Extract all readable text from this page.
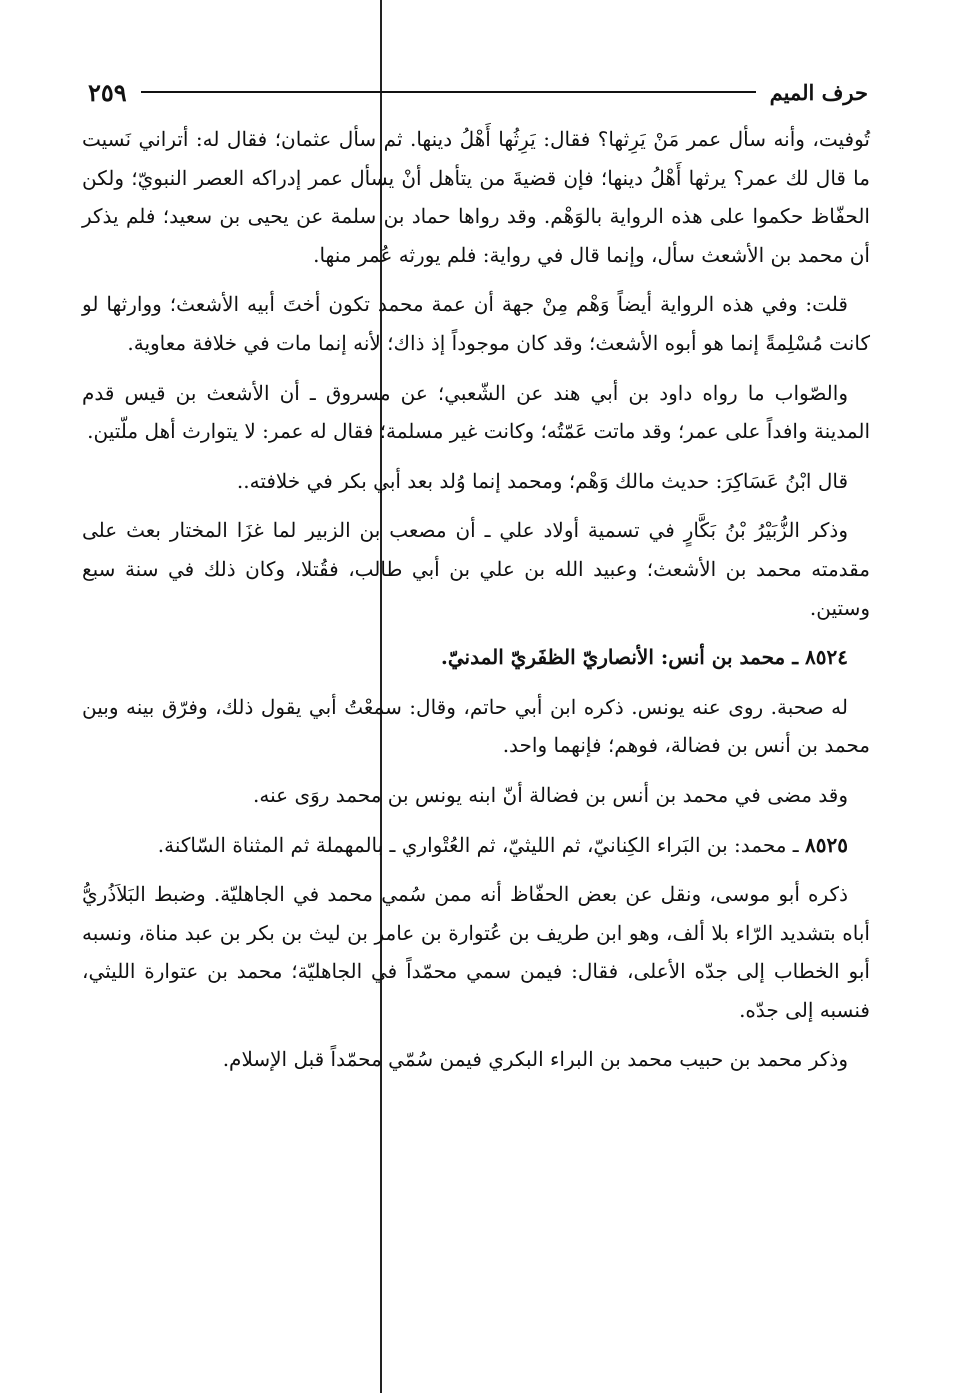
حرف الميم
٢٥٩

تُوفيت، وأنه سأل عمر مَنْ يَرِثها؟ فقال: يَرِثُها أَهْلُ دينها. ثم سأل عثمان؛ فقال له: أتراني نَسيت ما قال لك عمر؟ يرثها أَهْلُ دينها؛ فإن قضيةَ من يتأهل أنْ يسأل عمر إدراكه العصر النبويّ؛ ولكن الحفّاظ حكموا على هذه الرواية بالوَهْم. وقد رواها حماد بن سلمة عن يحيى بن سعيد؛ فلم يذكر أن محمد بن الأشعث سأل، وإنما قال في رواية: فلم يورثه عُمر منها.

قلت: وفي هذه الرواية أيضاً وَهْم مِنْ جهة أن عمة محمد تكون أختَ أبيه الأشعث؛ ووارثها لو كانت مُسْلِمةً إنما هو أبوه الأشعث؛ وقد كان موجوداً إذ ذاك؛ لأنه إنما مات في خلافة معاوية.

والصّواب ما رواه داود بن أبي هند عن الشّعبي؛ عن مسروق ـ أن الأشعث بن قيس قدم المدينة وافداً على عمر؛ وقد ماتت عَمّتُه؛ وكانت غير مسلمة؛ فقال له عمر: لا يتوارث أهل ملّتين.

قال ابْنُ عَسَاكِرَ: حديث مالك وَهْم؛ ومحمد إنما وُلد بعد أبي بكر في خلافته..

وذكر الزُّبَيْرُ بْنُ بَكَّارٍ في تسمية أولاد علي ـ أن مصعب بن الزبير لما غزَا المختار بعث على مقدمته محمد بن الأشعث؛ وعبيد الله بن علي بن أبي طالب، فقُتلا، وكان ذلك في سنة سبع وستين.

٨٥٢٤ ـ محمد بن أنس: الأنصاريّ الظفَريّ المدنيّ.

له صحبة. روى عنه يونس. ذكره ابن أبي حاتم، وقال: سمعْتُ أبي يقول ذلك، وفرّق بينه وبين محمد بن أنس بن فضالة، فوهم؛ فإنهما واحد.

وقد مضى في محمد بن أنس بن فضالة أنّ ابنه يونس بن محمد روَى عنه.

٨٥٢٥ ـ محمد: بن البَراء الكِنانيّ، ثم الليثيّ، ثم العُتْواري ـ بالمهملة ثم المثناة السّاكنة.

ذكره أبو موسى، ونقل عن بعض الحفّاظ أنه ممن سُمي محمد في الجاهليّة. وضبط البَلاَذُريُّ أباه بتشديد الرّاء بلا ألف، وهو ابن طريف بن عُتوارة بن عامر بن ليث بن بكر بن عبد مناة، ونسبه أبو الخطاب إلى جدّه الأعلى، فقال: فيمن سمي محمّداً في الجاهليّة؛ محمد بن عتوارة الليثي، فنسبه إلى جدّه.

وذكر محمد بن حبيب محمد بن البراء البكري فيمن سُمّي محمّداً قبل الإسلام.
